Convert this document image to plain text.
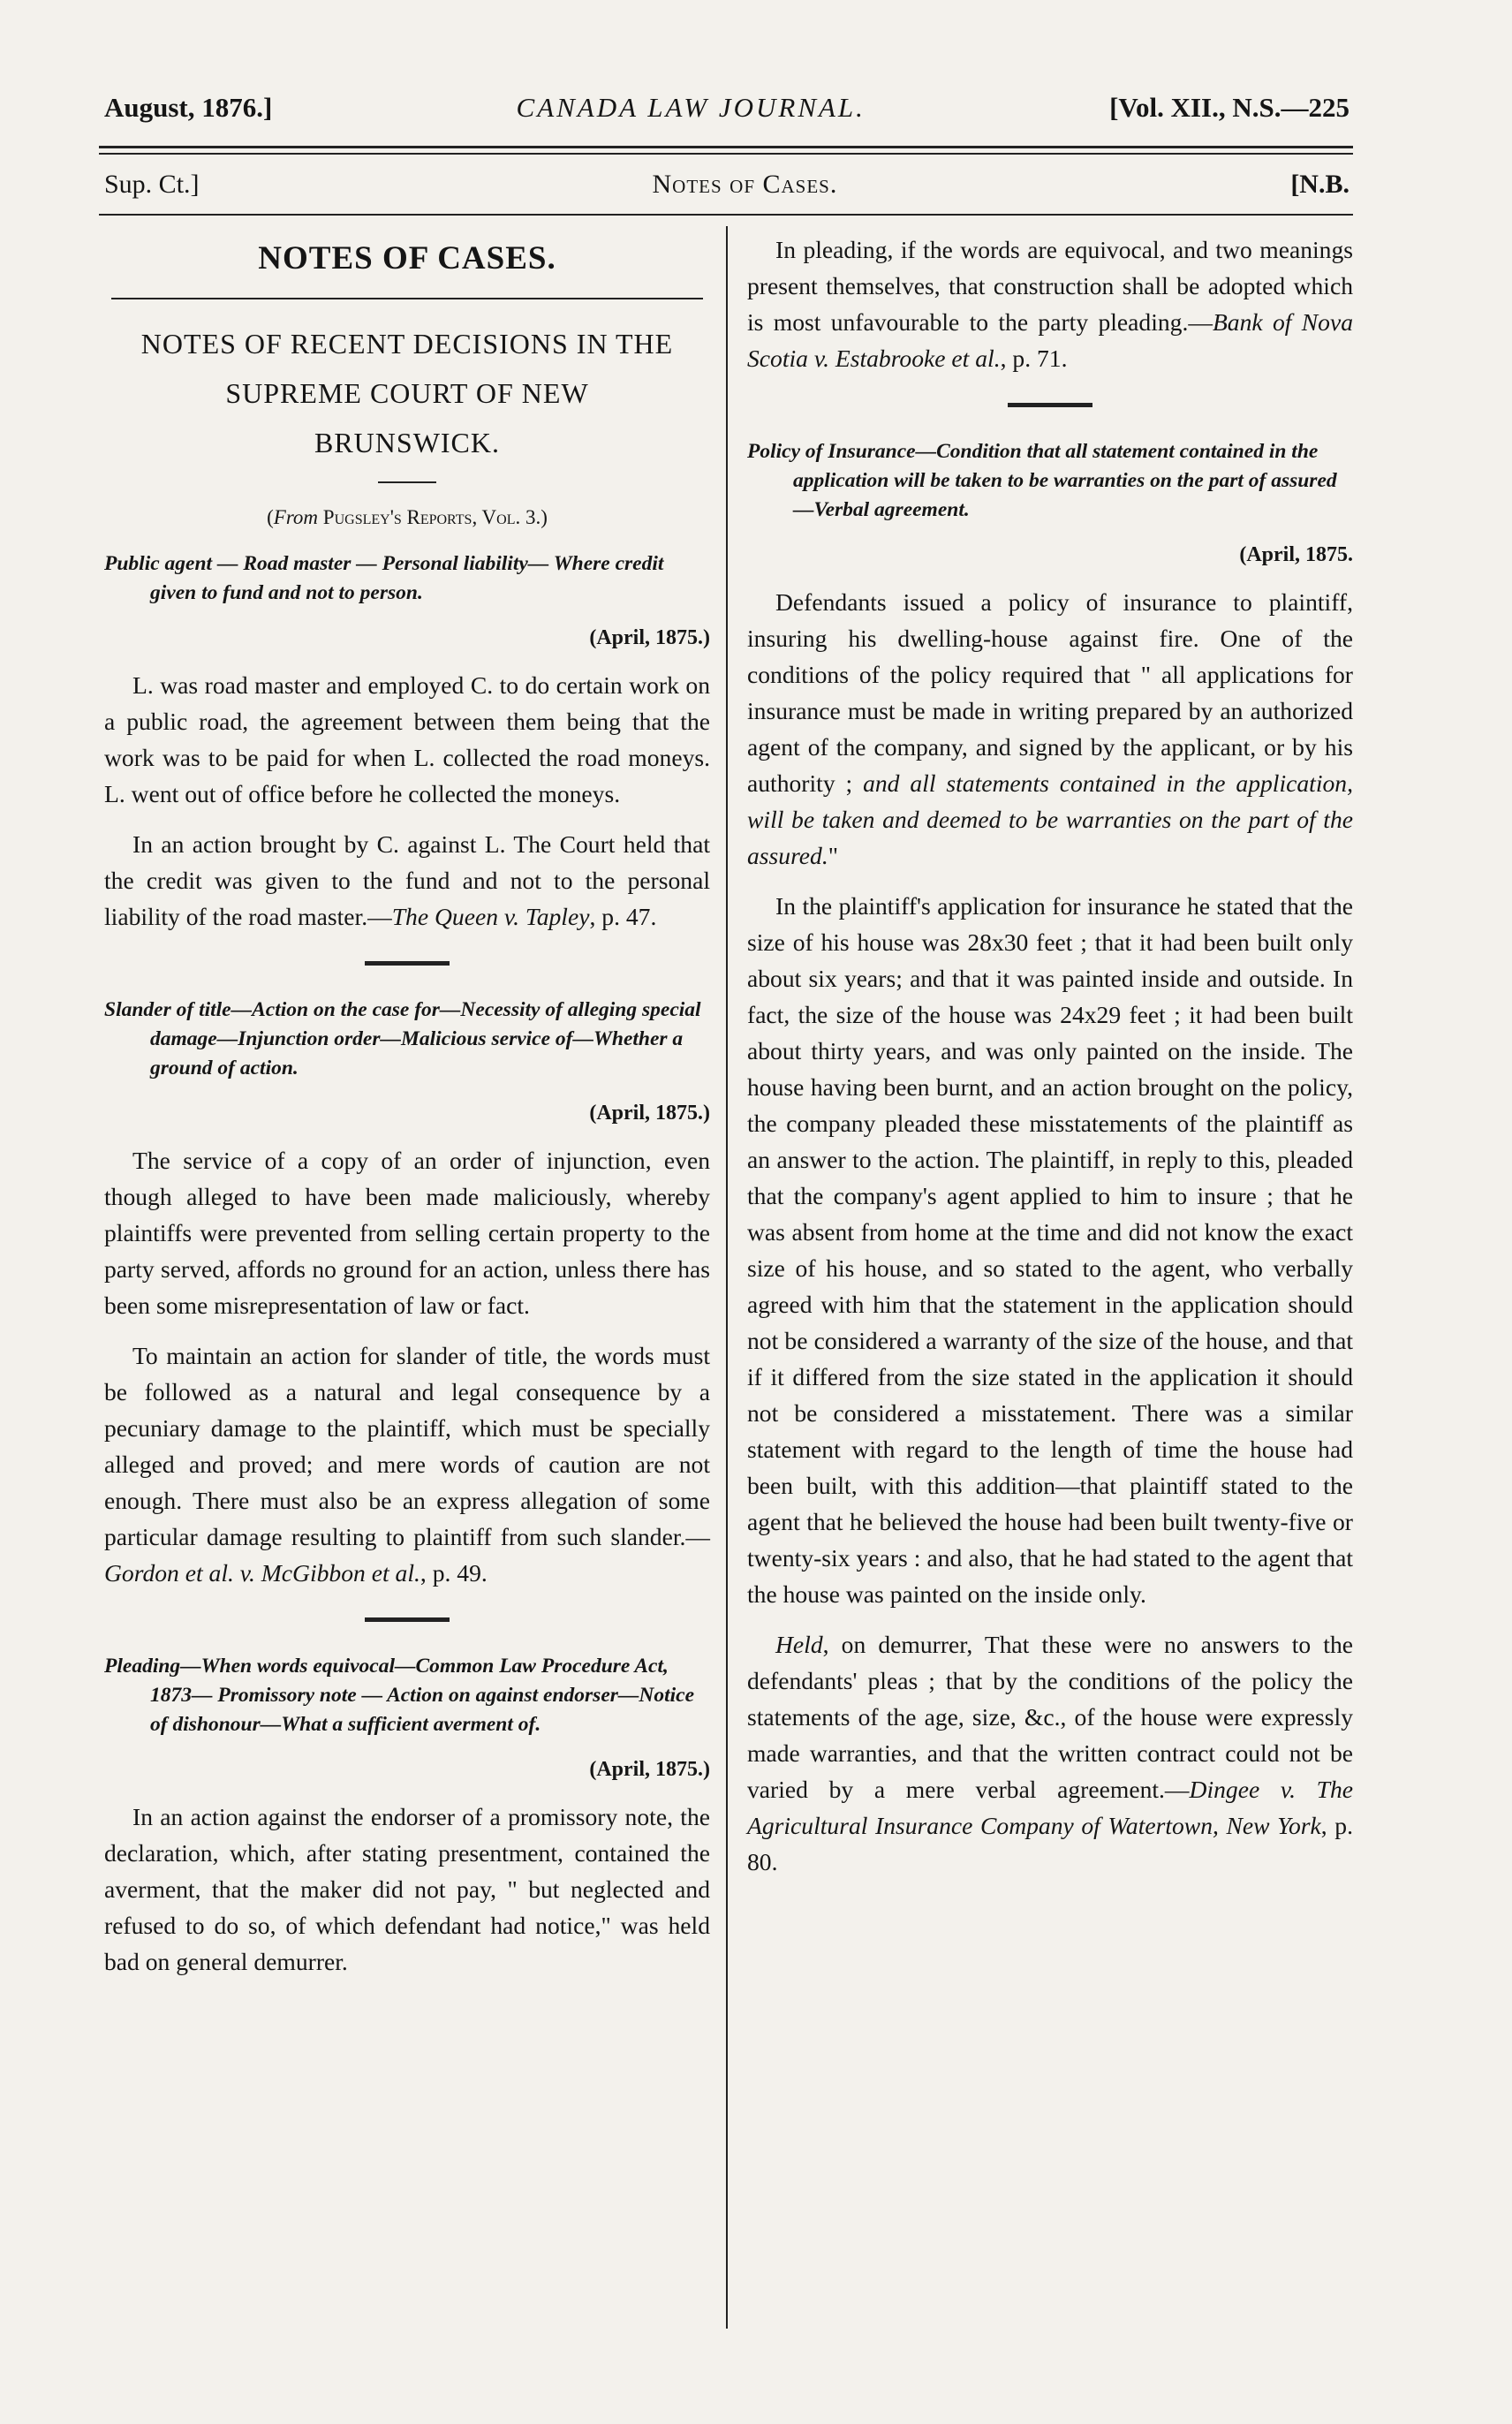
August, 1876.]	CANADA LAW JOURNAL.	[Vol. XII., N.S.—225
Sup. Ct.]	Notes of Cases.	[N.B.
NOTES OF CASES.
NOTES OF RECENT DECISIONS IN THE
SUPREME COURT OF NEW
BRUNSWICK.
(From Pugsley's Reports, Vol. 3.)
Public agent — Road master — Personal liability— Where credit given to fund and not to person.
(April, 1875.)

L. was road master and employed C. to do certain work on a public road, the agreement between them being that the work was to be paid for when L. collected the road moneys. L. went out of office before he collected the moneys.

In an action brought by C. against L. The Court held that the credit was given to the fund and not to the personal liability of the road master.—The Queen v. Tapley, p. 47.

Slander of title—Action on the case for—Necessity of alleging special damage—Injunction order—Malicious service of—Whether a ground of action.
(April, 1875.)

The service of a copy of an order of injunction, even though alleged to have been made maliciously, whereby plaintiffs were prevented from selling certain property to the party served, affords no ground for an action, unless there has been some misrepresentation of law or fact.

To maintain an action for slander of title, the words must be followed as a natural and legal consequence by a pecuniary damage to the plaintiff, which must be specially alleged and proved; and mere words of caution are not enough. There must also be an express allegation of some particular damage resulting to plaintiff from such slander.—Gordon et al. v. McGibbon et al., p. 49.

Pleading—When words equivocal—Common Law Procedure Act, 1873— Promissory note — Action on against endorser—Notice of dishonour—What a sufficient averment of.
(April, 1875.)

In an action against the endorser of a promissory note, the declaration, which, after stating presentment, contained the averment, that the maker did not pay, " but neglected and refused to do so, of which defendant had notice," was held bad on general demurrer.

In pleading, if the words are equivocal, and two meanings present themselves, that construction shall be adopted which is most unfavourable to the party pleading.—Bank of Nova Scotia v. Estabrooke et al., p. 71.

Policy of Insurance—Condition that all statement contained in the application will be taken to be warranties on the part of assured—Verbal agreement.
(April, 1875.

Defendants issued a policy of insurance to plaintiff, insuring his dwelling-house against fire. One of the conditions of the policy required that " all applications for insurance must be made in writing prepared by an authorized agent of the company, and signed by the applicant, or by his authority ; and all statements contained in the application, will be taken and deemed to be warranties on the part of the assured."

In the plaintiff's application for insurance he stated that the size of his house was 28x30 feet ; that it had been built only about six years; and that it was painted inside and outside. In fact, the size of the house was 24x29 feet ; it had been built about thirty years, and was only painted on the inside. The house having been burnt, and an action brought on the policy, the company pleaded these misstatements of the plaintiff as an answer to the action. The plaintiff, in reply to this, pleaded that the company's agent applied to him to insure ; that he was absent from home at the time and did not know the exact size of his house, and so stated to the agent, who verbally agreed with him that the statement in the application should not be considered a warranty of the size of the house, and that if it differed from the size stated in the application it should not be considered a misstatement. There was a similar statement with regard to the length of time the house had been built, with this addition—that plaintiff stated to the agent that he believed the house had been built twenty-five or twenty-six years : and also, that he had stated to the agent that the house was painted on the inside only.

Held, on demurrer, That these were no answers to the defendants' pleas ; that by the conditions of the policy the statements of the age, size, &c., of the house were expressly made warranties, and that the written contract could not be varied by a mere verbal agreement.—Dingee v. The Agricultural Insurance Company of Watertown, New York, p. 80.
